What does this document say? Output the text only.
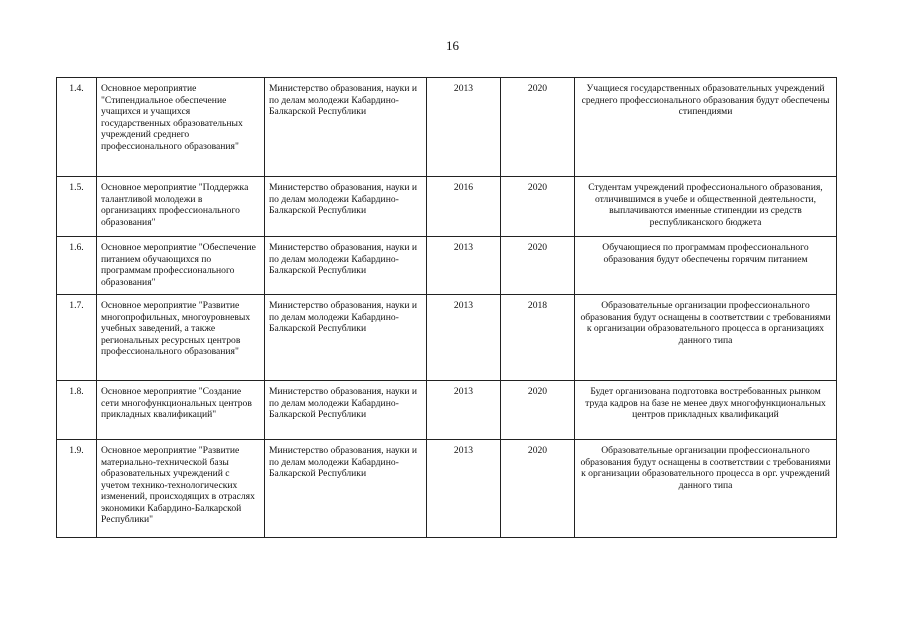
16
1.4.	Основное мероприятие "Стипендиальное обеспечение учащихся и учащихся государственных образовательных учреждений среднего профессионального образования"	Министерство образования, науки и по делам молодежи Кабардино-Балкарской Республики	2013	2020	Учащиеся государственных образовательных учреждений среднего профессионального образования будут обеспечены стипендиями
1.5.	Основное мероприятие "Поддержка талантливой молодежи в организациях профессионального образования"	Министерство образования, науки и по делам молодежи Кабардино-Балкарской Республики	2016	2020	Студентам учреждений профессионального образования, отличившимся в учебе и общественной деятельности, выплачиваются именные стипендии из средств республиканского бюджета
1.6.	Основное мероприятие "Обеспечение питанием обучающихся по программам профессионального образования"	Министерство образования, науки и по делам молодежи Кабардино-Балкарской Республики	2013	2020	Обучающиеся по программам профессионального образования будут обеспечены горячим питанием
1.7.	Основное мероприятие "Развитие многопрофильных, многоуровневых учебных заведений, а также региональных ресурсных центров профессионального образования"	Министерство образования, науки и по делам молодежи Кабардино-Балкарской Республики	2013	2018	Образовательные организации профессионального образования будут оснащены в соответствии с требованиями к организации образовательного процесса в организациях данного типа
1.8.	Основное мероприятие "Создание сети многофункциональных центров прикладных квалификаций"	Министерство образования, науки и по делам молодежи Кабардино-Балкарской Республики	2013	2020	Будет организована подготовка востребованных рынком труда кадров на базе не менее двух многофункциональных центров прикладных квалификаций
1.9.	Основное мероприятие "Развитие материально-технической базы образовательных учреждений с учетом технико-технологических изменений, происходящих в отраслях экономики Кабардино-Балкарской Республики"	Министерство образования, науки и по делам молодежи Кабардино-Балкарской Республики	2013	2020	Образовательные организации профессионального образования будут оснащены в соответствии с требованиями к организации образовательного процесса в орг. учреждений данного типа
